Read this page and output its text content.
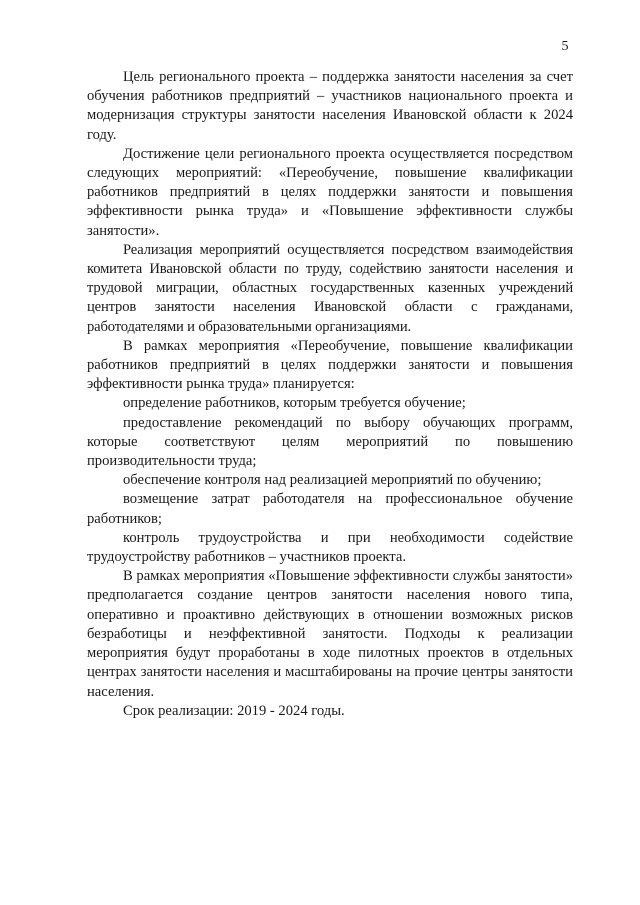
5

Цель регионального проекта – поддержка занятости населения за счет обучения работников предприятий – участников национального проекта и модернизация структуры занятости населения Ивановской области к 2024 году.

Достижение цели регионального проекта осуществляется посредством следующих мероприятий: «Переобучение, повышение квалификации работников предприятий в целях поддержки занятости и повышения эффективности рынка труда» и «Повышение эффективности службы занятости».

Реализация мероприятий осуществляется посредством взаимодействия комитета Ивановской области по труду, содействию занятости населения и трудовой миграции, областных государственных казенных учреждений центров занятости населения Ивановской области с гражданами, работодателями и образовательными организациями.

В рамках мероприятия «Переобучение, повышение квалификации работников предприятий в целях поддержки занятости и повышения эффективности рынка труда» планируется:

определение работников, которым требуется обучение;

предоставление рекомендаций по выбору обучающих программ, которые соответствуют целям мероприятий по повышению производительности труда;

обеспечение контроля над реализацией мероприятий по обучению;

возмещение затрат работодателя на профессиональное обучение работников;

контроль трудоустройства и при необходимости содействие трудоустройству работников – участников проекта.

В рамках мероприятия «Повышение эффективности службы занятости» предполагается создание центров занятости населения нового типа, оперативно и проактивно действующих в отношении возможных рисков безработицы и неэффективной занятости. Подходы к реализации мероприятия будут проработаны в ходе пилотных проектов в отдельных центрах занятости населения и масштабированы на прочие центры занятости населения.

Срок реализации: 2019 - 2024 годы.
